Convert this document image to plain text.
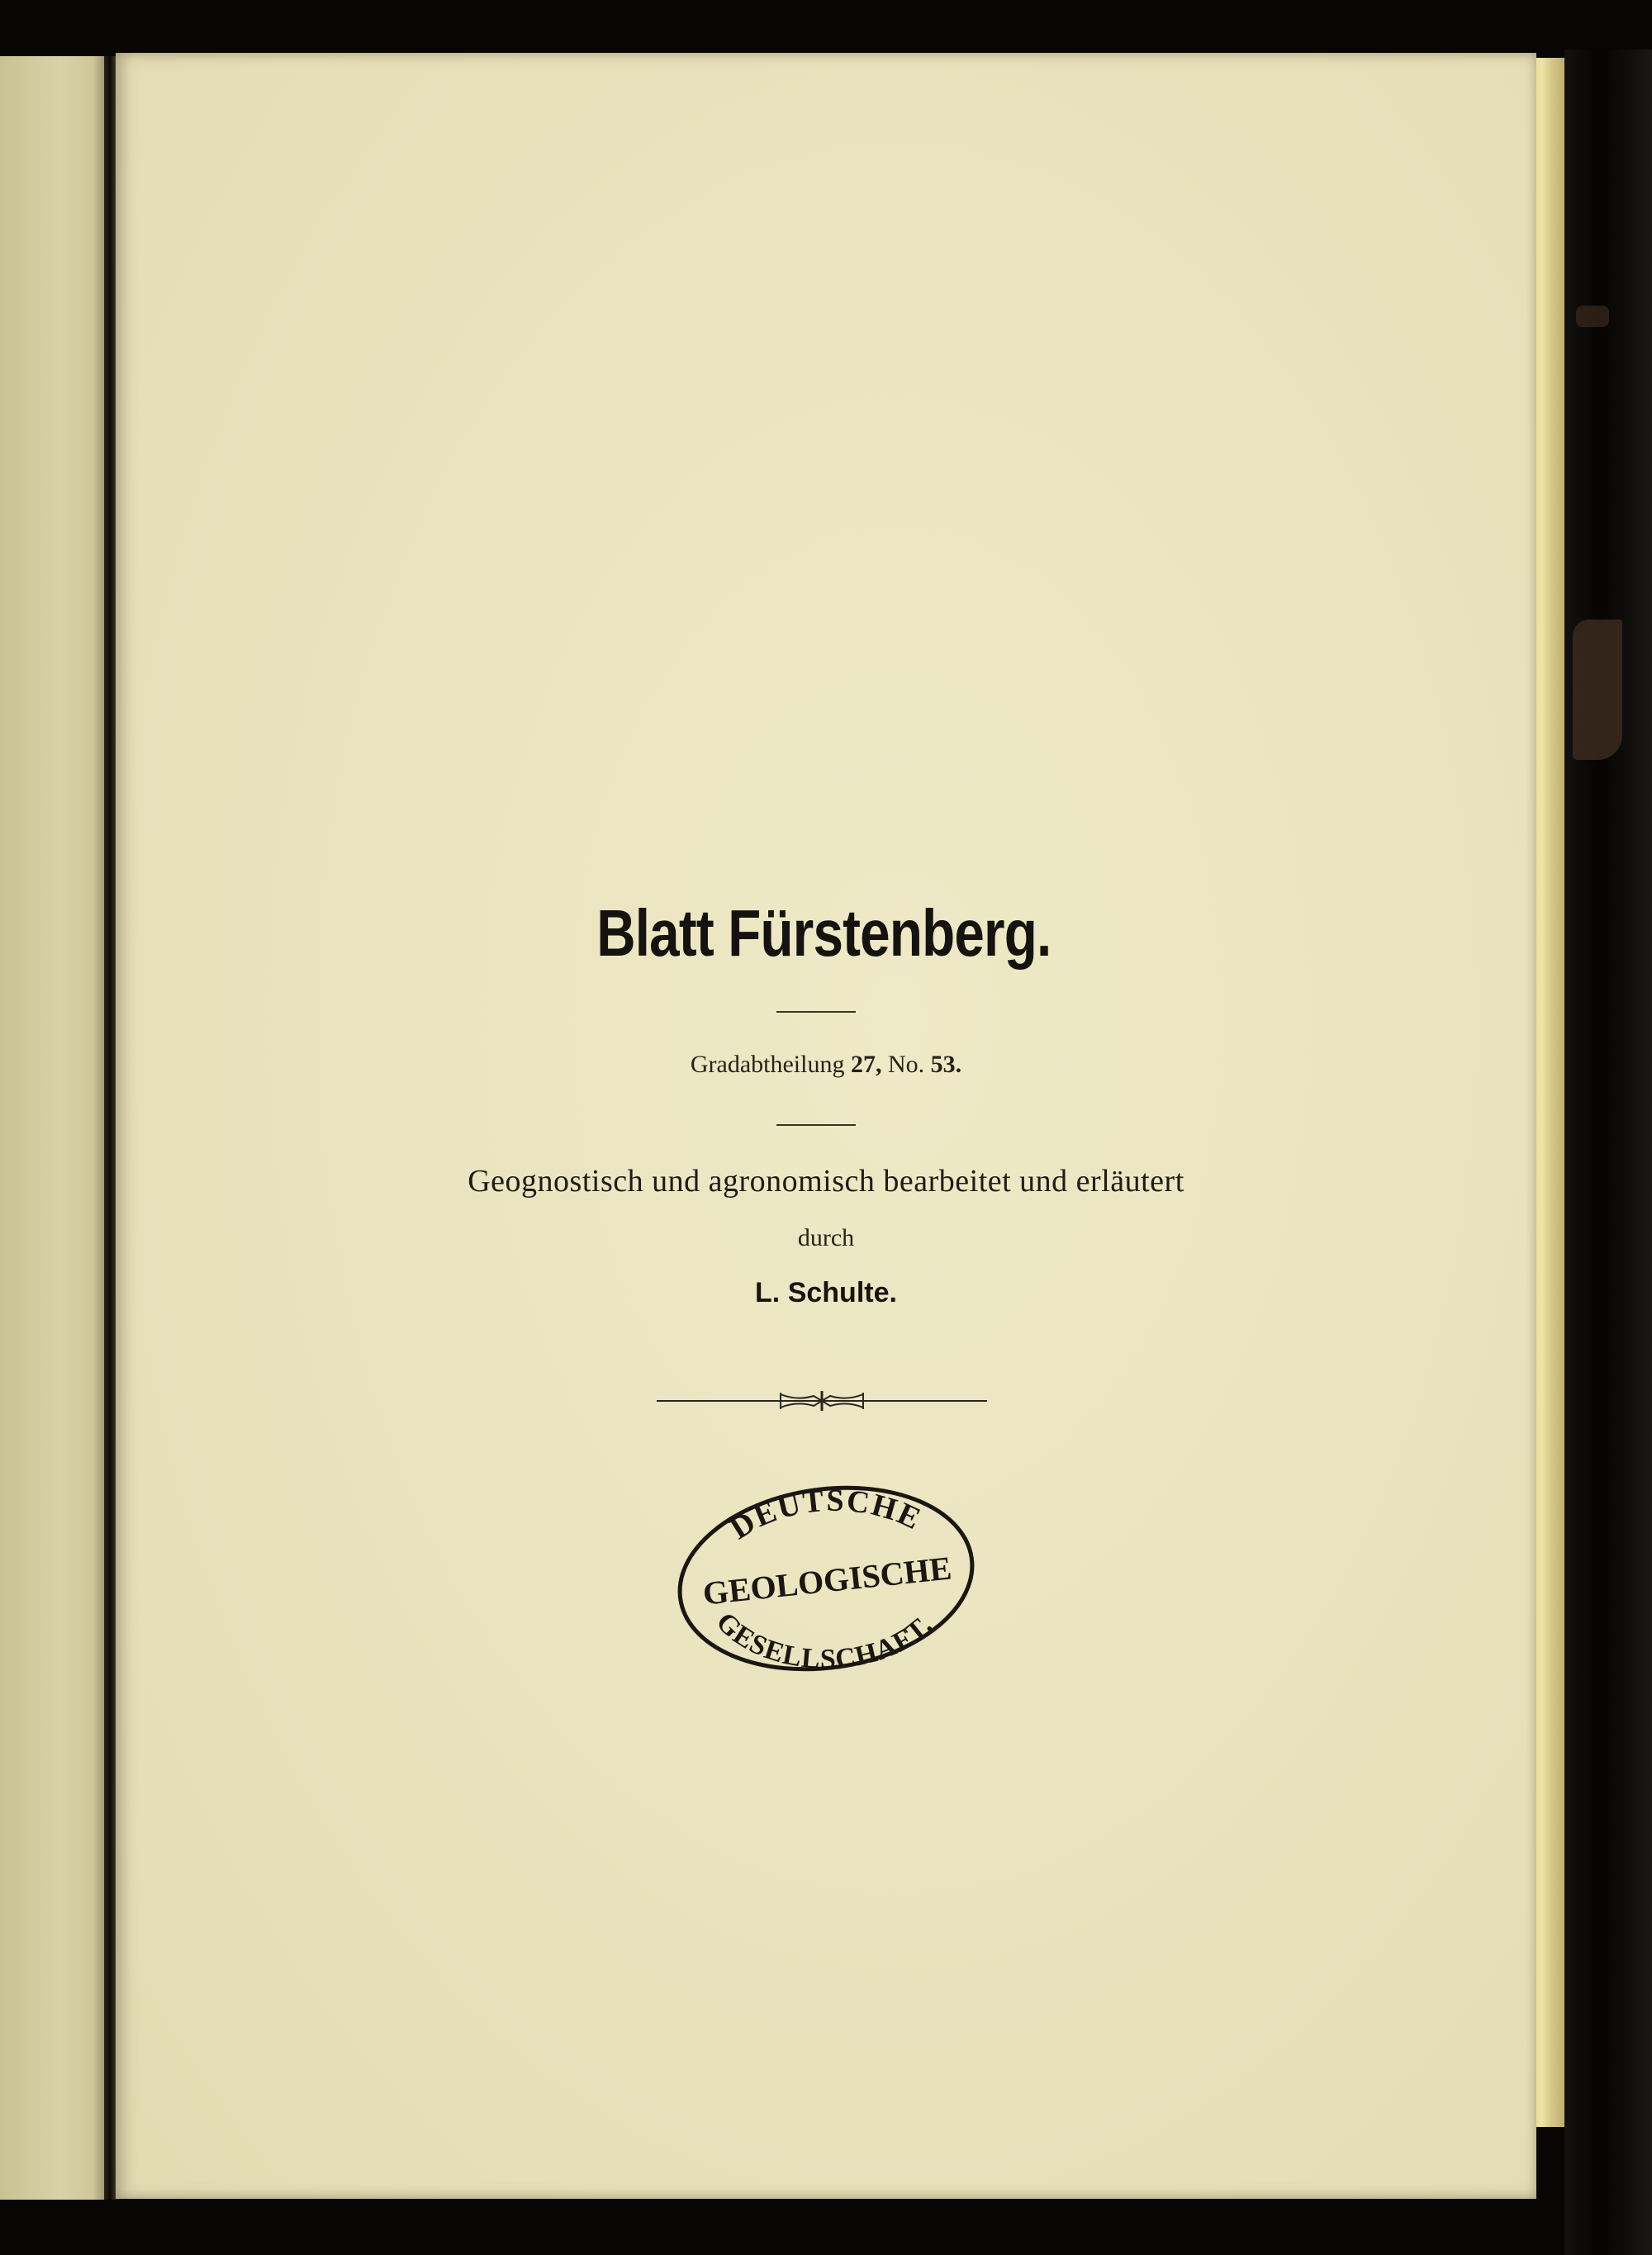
Blatt Fürstenberg.
Gradabtheilung 27, No. 53.
Geognostisch und agronomisch bearbeitet und erläutert
durch
L. Schulte.
DEUTSCHE
GEOLOGISCHE
GESELLSCHAFT.
